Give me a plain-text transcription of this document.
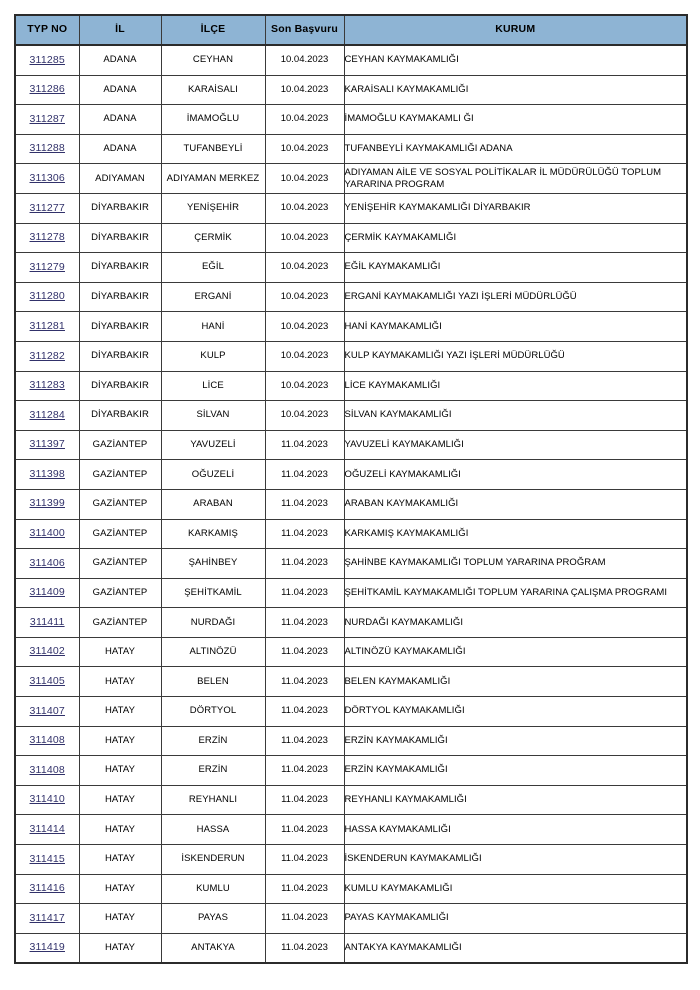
TYP NO	İL	İLÇE	Son Başvuru	KURUM
311285	ADANA	CEYHAN	10.04.2023	CEYHAN KAYMAKAMLIĞI
311286	ADANA	KARAİSALI	10.04.2023	KARAİSALI KAYMAKAMLIĞI
311287	ADANA	İMAMOĞLU	10.04.2023	İMAMOĞLU KAYMAKAMLI ĞI
311288	ADANA	TUFANBEYLİ	10.04.2023	TUFANBEYLİ KAYMAKAMLIĞI ADANA
311306	ADIYAMAN	ADIYAMAN MERKEZ	10.04.2023	ADIYAMAN AİLE VE SOSYAL POLİTİKALAR İL MÜDÜRÜLÜĞÜ TOPLUM YARARINA PROGRAM
311277	DİYARBAKIR	YENİŞEHİR	10.04.2023	YENİŞEHİR KAYMAKAMLIĞI DİYARBAKIR
311278	DİYARBAKIR	ÇERMİK	10.04.2023	ÇERMİK KAYMAKAMLIĞI
311279	DİYARBAKIR	EĞİL	10.04.2023	EĞİL KAYMAKAMLIĞI
311280	DİYARBAKIR	ERGANİ	10.04.2023	ERGANİ KAYMAKAMLIĞI YAZI İŞLERİ MÜDÜRLÜĞÜ
311281	DİYARBAKIR	HANİ	10.04.2023	HANİ KAYMAKAMLIĞI
311282	DİYARBAKIR	KULP	10.04.2023	KULP KAYMAKAMLIĞI YAZI İŞLERİ MÜDÜRLÜĞÜ
311283	DİYARBAKIR	LİCE	10.04.2023	LİCE KAYMAKAMLIĞI
311284	DİYARBAKIR	SİLVAN	10.04.2023	SİLVAN KAYMAKAMLIĞI
311397	GAZİANTEP	YAVUZELİ	11.04.2023	YAVUZELİ KAYMAKAMLIĞI
311398	GAZİANTEP	OĞUZELİ	11.04.2023	OĞUZELİ KAYMAKAMLIĞI
311399	GAZİANTEP	ARABAN	11.04.2023	ARABAN KAYMAKAMLIĞI
311400	GAZİANTEP	KARKAMIŞ	11.04.2023	KARKAMIŞ KAYMAKAMLIĞI
311406	GAZİANTEP	ŞAHİNBEY	11.04.2023	ŞAHİNBE KAYMAKAMLIĞI TOPLUM YARARINA PROĞRAM
311409	GAZİANTEP	ŞEHİTKAMİL	11.04.2023	ŞEHİTKAMİL KAYMAKAMLIĞI TOPLUM YARARINA ÇALIŞMA PROGRAMI
311411	GAZİANTEP	NURDAĞI	11.04.2023	NURDAĞI KAYMAKAMLIĞI
311402	HATAY	ALTINÖZÜ	11.04.2023	ALTINÖZÜ KAYMAKAMLIĞI
311405	HATAY	BELEN	11.04.2023	BELEN KAYMAKAMLIĞI
311407	HATAY	DÖRTYOL	11.04.2023	DÖRTYOL KAYMAKAMLIĞI
311408	HATAY	ERZİN	11.04.2023	ERZİN KAYMAKAMLIĞI
311408	HATAY	ERZİN	11.04.2023	ERZİN KAYMAKAMLIĞI
311410	HATAY	REYHANLI	11.04.2023	REYHANLI KAYMAKAMLIĞI
311414	HATAY	HASSA	11.04.2023	HASSA KAYMAKAMLIĞI
311415	HATAY	İSKENDERUN	11.04.2023	İSKENDERUN KAYMAKAMLIĞI
311416	HATAY	KUMLU	11.04.2023	KUMLU KAYMAKAMLIĞI
311417	HATAY	PAYAS	11.04.2023	PAYAS KAYMAKAMLIĞI
311419	HATAY	ANTAKYA	11.04.2023	ANTAKYA KAYMAKAMLIĞI
